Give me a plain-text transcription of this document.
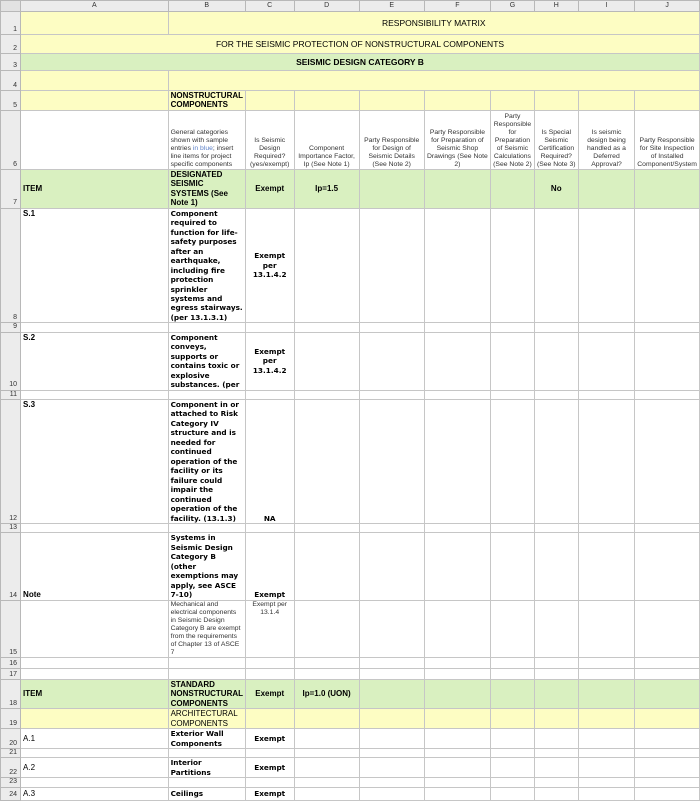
	A	B	C	D	E	F	G	H	I	J
1		RESPONSIBILITY MATRIX								
2	FOR THE SEISMIC PROTECTION OF NONSTRUCTURAL COMPONENTS									
3	SEISMIC DESIGN CATEGORY B									
4										
5		NONSTRUCTURAL COMPONENTS								
6		General categories shown with sample entries in blue; insert line items for project specific components	Is Seismic Design Required? (yes/exempt)	Component Importance Factor, Ip (See Note 1)	Party Responsible for Design of Seismic Details (See Note 2)	Party Responsible for Preparation of Seismic Shop Drawings (See Note 2)	Party Responsible for Preparation of Seismic Calculations (See Note 2)	Is Special Seismic Certification Required? (See Note 3)	Is seismic design being handled as a Deferred Approval?	Party Responsible for Site Inspection of Installed Component/System
7	ITEM	DESIGNATED SEISMIC SYSTEMS (See Note 1)	Exempt	Ip=1.5				No		
8	S.1	Component required to function for life-safety purposes after an earthquake, including fire protection sprinkler systems and egress stairways. (per 13.1.3.1)	Exempt per 13.1.4.2							
9										
10	S.2	Component conveys, supports or contains toxic or explosive substances. (per	Exempt per 13.1.4.2							
11										
12	S.3	Component in or attached to Risk Category IV structure and is needed for continued operation of the facility or its failure could impair the continued operation of the facility. (13.1.3)	NA							
13										
14	Note	Systems in Seismic Design Category B (other exemptions may apply, see ASCE 7-10)	Exempt							
15		Mechanical and electrical components in Seismic Design Category B are exempt from the requirements of Chapter 13 of ASCE 7	Exempt per 13.1.4							
16										
17										
18	ITEM	STANDARD NONSTRUCTURAL COMPONENTS	Exempt	Ip=1.0 (UON)						
19		ARCHITECTURAL COMPONENTS								
20	A.1	Exterior Wall Components	Exempt							
21										
22	A.2	Interior Partitions	Exempt							
23										
24	A.3	Ceilings	Exempt							
